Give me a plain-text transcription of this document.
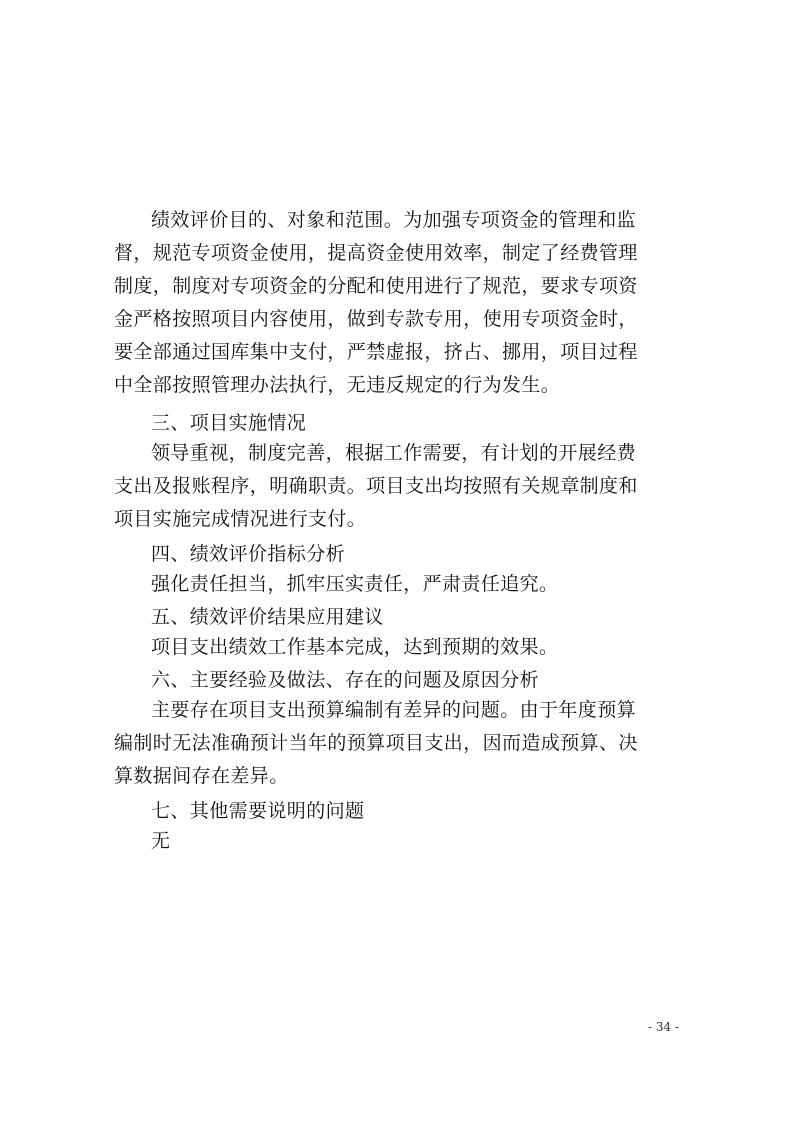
绩效评价目的、对象和范围。为加强专项资金的管理和监
督，规范专项资金使用，提高资金使用效率，制定了经费管理
制度，制度对专项资金的分配和使用进行了规范，要求专项资
金严格按照项目内容使用，做到专款专用，使用专项资金时，
要全部通过国库集中支付，严禁虚报，挤占、挪用，项目过程
中全部按照管理办法执行，无违反规定的行为发生。
三、项目实施情况
领导重视，制度完善，根据工作需要，有计划的开展经费
支出及报账程序，明确职责。项目支出均按照有关规章制度和
项目实施完成情况进行支付。
四、绩效评价指标分析
强化责任担当，抓牢压实责任，严肃责任追究。
五、绩效评价结果应用建议
项目支出绩效工作基本完成，达到预期的效果。
六、主要经验及做法、存在的问题及原因分析
主要存在项目支出预算编制有差异的问题。由于年度预算
编制时无法准确预计当年的预算项目支出，因而造成预算、决
算数据间存在差异。
七、其他需要说明的问题
无
- 34 -
